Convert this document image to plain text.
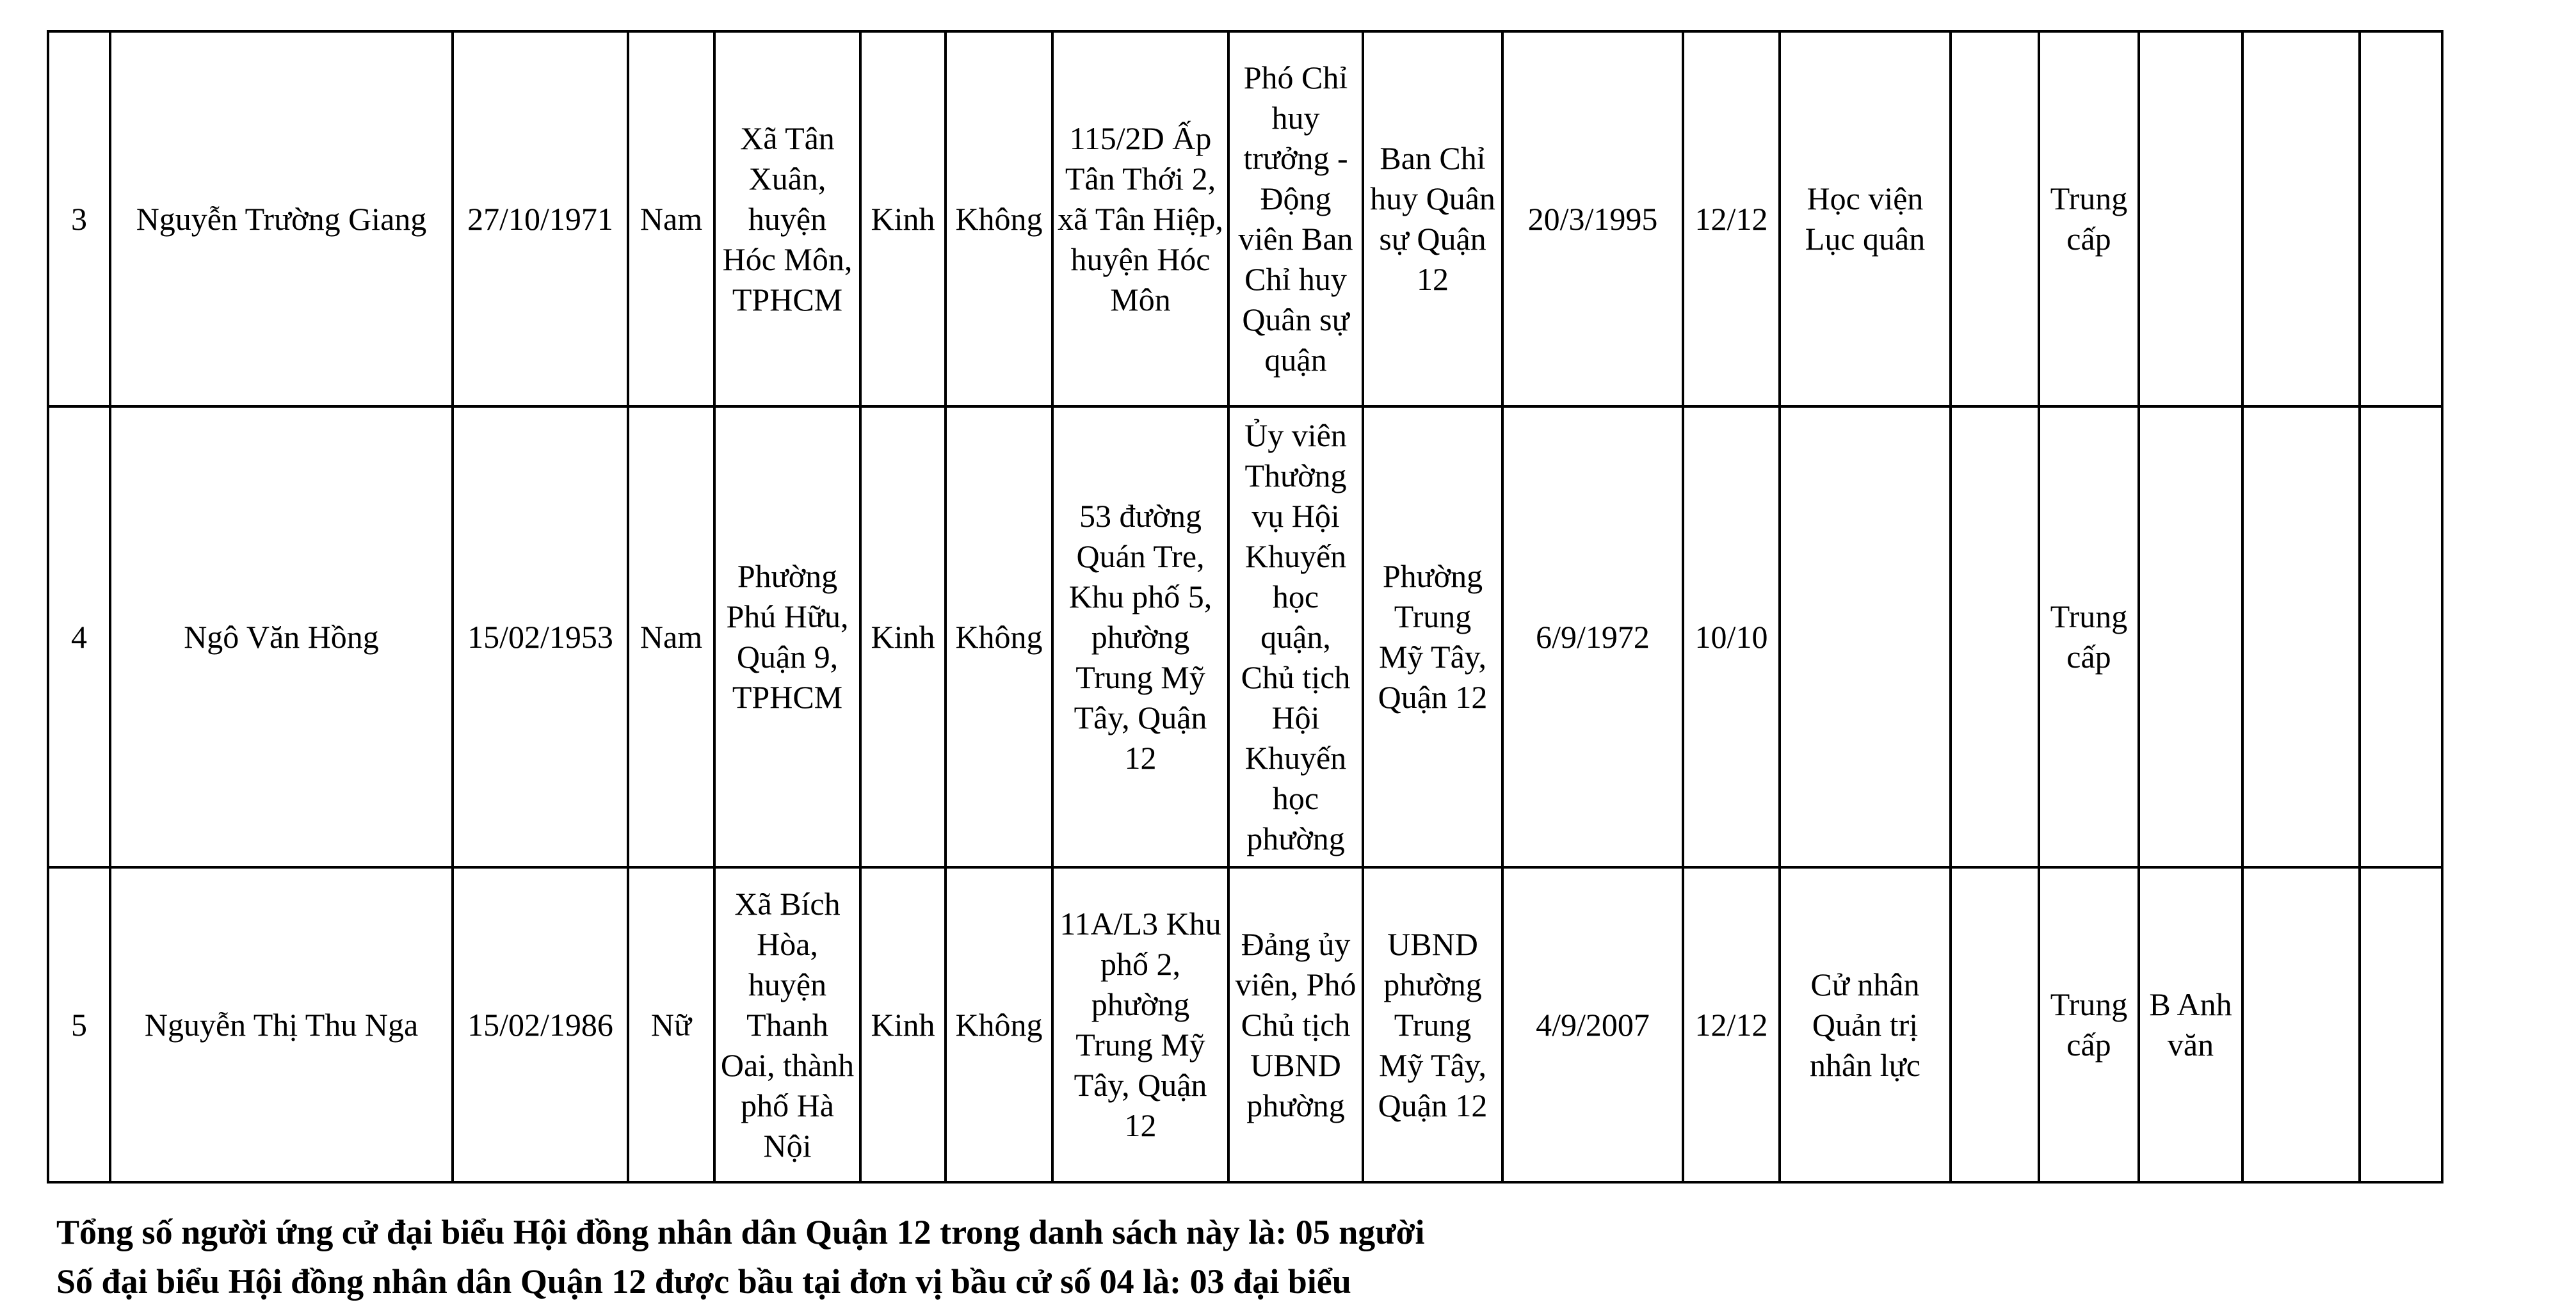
3	Nguyễn Trường Giang	27/10/1971	Nam	Xã Tân Xuân, huyện Hóc Môn, TPHCM	Kinh	Không	115/2D Ấp Tân Thới 2, xã Tân Hiệp, huyện Hóc Môn	Phó Chỉ huy trưởng - Động viên Ban Chỉ huy Quân sự quận	Ban Chỉ huy Quân sự Quận 12	20/3/1995	12/12	Học viện Lục quân		Trung cấp			
4	Ngô Văn Hồng	15/02/1953	Nam	Phường Phú Hữu, Quận 9, TPHCM	Kinh	Không	53 đường Quán Tre, Khu phố 5, phường Trung Mỹ Tây, Quận 12	Ủy viên Thường vụ Hội Khuyến học quận, Chủ tịch Hội Khuyến học phường	Phường Trung Mỹ Tây, Quận 12	6/9/1972	10/10			Trung cấp			
5	Nguyễn Thị Thu Nga	15/02/1986	Nữ	Xã Bích Hòa, huyện Thanh Oai, thành phố Hà Nội	Kinh	Không	11A/L3 Khu phố 2, phường Trung Mỹ Tây, Quận 12	Đảng ủy viên, Phó Chủ tịch UBND phường	UBND phường Trung Mỹ Tây, Quận 12	4/9/2007	12/12	Cử nhân Quản trị nhân lực		Trung cấp	B Anh văn		
Tổng số người ứng cử đại biểu Hội đồng nhân dân Quận 12 trong danh sách này là: 05 người
Số đại biểu Hội đồng nhân dân Quận 12 được bầu tại đơn vị bầu cử số 04 là: 03 đại biểu
